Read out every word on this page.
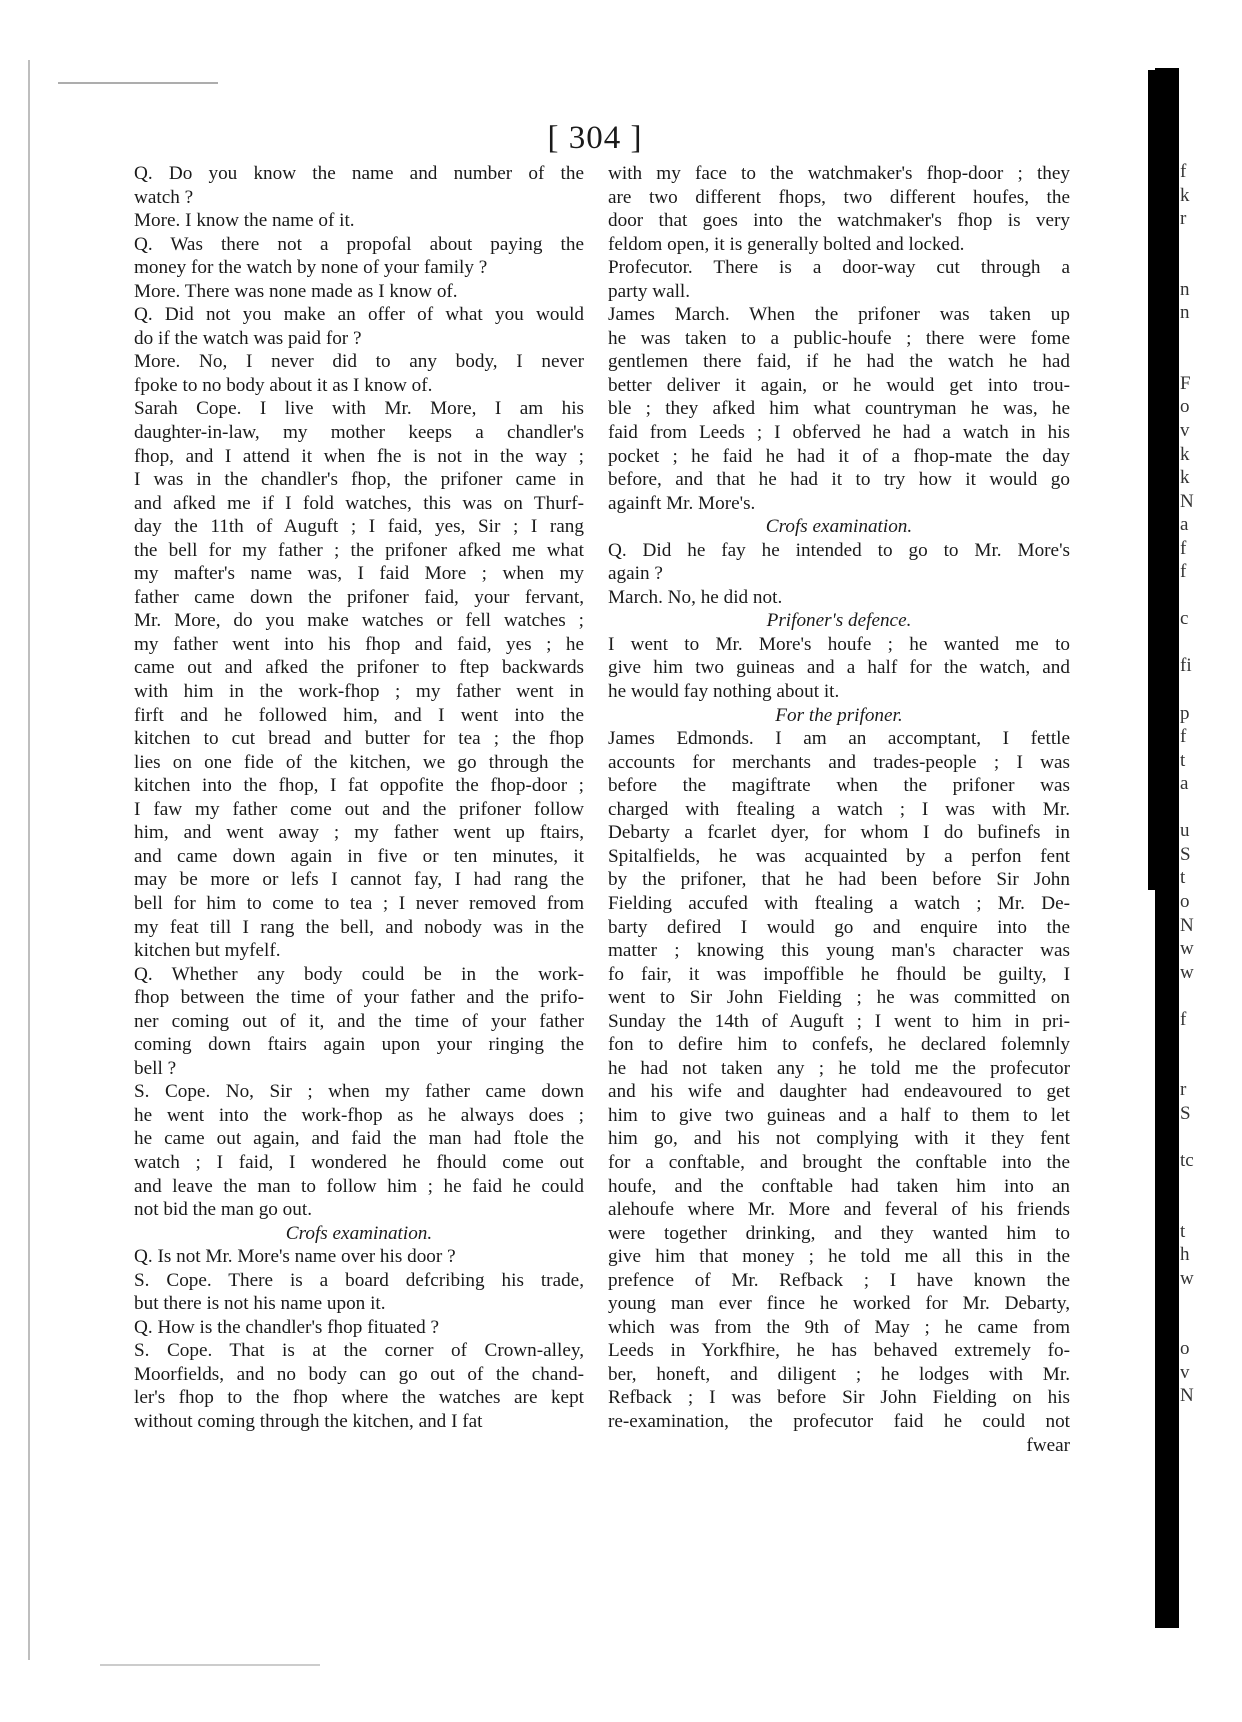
[ 304 ]
Q. Do you know the name and number of the
watch ?
More. I know the name of it.
Q. Was there not a propofal about paying the
money for the watch by none of your family ?
More. There was none made as I know of.
Q. Did not you make an offer of what you would
do if the watch was paid for ?
More. No, I never did to any body, I never
fpoke to no body about it as I know of.
Sarah Cope. I live with Mr. More, I am his
daughter-in-law, my mother keeps a chandler's
fhop, and I attend it when fhe is not in the way ;
I was in the chandler's fhop, the prifoner came in
and afked me if I fold watches, this was on Thurf-
day the 11th of Auguft ; I faid, yes, Sir ; I rang
the bell for my father ; the prifoner afked me what
my mafter's name was, I faid More ; when my
father came down the prifoner faid, your fervant,
Mr. More, do you make watches or fell watches ;
my father went into his fhop and faid, yes ; he
came out and afked the prifoner to ftep backwards
with him in the work-fhop ; my father went in
firft and he followed him, and I went into the
kitchen to cut bread and butter for tea ; the fhop
lies on one fide of the kitchen, we go through the
kitchen into the fhop, I fat oppofite the fhop-door ;
I faw my father come out and the prifoner follow
him, and went away ; my father went up ftairs,
and came down again in five or ten minutes, it
may be more or lefs I cannot fay, I had rang the
bell for him to come to tea ; I never removed from
my feat till I rang the bell, and nobody was in the
kitchen but myfelf.
Q. Whether any body could be in the work-
fhop between the time of your father and the prifo-
ner coming out of it, and the time of your father
coming down ftairs again upon your ringing the
bell ?
S. Cope. No, Sir ; when my father came down
he went into the work-fhop as he always does ;
he came out again, and faid the man had ftole the
watch ; I faid, I wondered he fhould come out
and leave the man to follow him ; he faid he could
not bid the man go out.
Crofs examination.
Q. Is not Mr. More's name over his door ?
S. Cope. There is a board defcribing his trade,
but there is not his name upon it.
Q. How is the chandler's fhop fituated ?
S. Cope. That is at the corner of Crown-alley,
Moorfields, and no body can go out of the chand-
ler's fhop to the fhop where the watches are kept
without coming through the kitchen, and I fat
with my face to the watchmaker's fhop-door ; they
are two different fhops, two different houfes, the
door that goes into the watchmaker's fhop is very
feldom open, it is generally bolted and locked.
Profecutor. There is a door-way cut through a
party wall.
James March. When the prifoner was taken up
he was taken to a public-houfe ; there were fome
gentlemen there faid, if he had the watch he had
better deliver it again, or he would get into trou-
ble ; they afked him what countryman he was, he
faid from Leeds ; I obferved he had a watch in his
pocket ; he faid he had it of a fhop-mate the day
before, and that he had it to try how it would go
againft Mr. More's.
Crofs examination.
Q. Did he fay he intended to go to Mr. More's
again ?
March. No, he did not.
Prifoner's defence.
I went to Mr. More's houfe ; he wanted me to
give him two guineas and a half for the watch, and
he would fay nothing about it.
For the prifoner.
James Edmonds. I am an accomptant, I fettle
accounts for merchants and trades-people ; I was
before the magiftrate when the prifoner was
charged with ftealing a watch ; I was with Mr.
Debarty a fcarlet dyer, for whom I do bufinefs in
Spitalfields, he was acquainted by a perfon fent
by the prifoner, that he had been before Sir John
Fielding accufed with ftealing a watch ; Mr. De-
barty defired I would go and enquire into the
matter ; knowing this young man's character was
fo fair, it was impoffible he fhould be guilty, I
went to Sir John Fielding ; he was committed on
Sunday the 14th of Auguft ; I went to him in pri-
fon to defire him to confefs, he declared folemnly
he had not taken any ; he told me the profecutor
and his wife and daughter had endeavoured to get
him to give two guineas and a half to them to let
him go, and his not complying with it they fent
for a conftable, and brought the conftable into the
houfe, and the conftable had taken him into an
alehoufe where Mr. More and feveral of his friends
were together drinking, and they wanted him to
give him that money ; he told me all this in the
prefence of Mr. Refback ; I have known the
young man ever fince he worked for Mr. Debarty,
which was from the 9th of May ; he came from
Leeds in Yorkfhire, he has behaved extremely fo-
ber, honeft, and diligent ; he lodges with Mr.
Refback ; I was before Sir John Fielding on his
re-examination, the profecutor faid he could not
fwear
f
k
r
n
n
F
o
v
k
k
N
a
f
f
c
fi
p
f
t
a
u
S
t
o
N
w
w
f
r
S
tc
t
h
w
o
v
N
